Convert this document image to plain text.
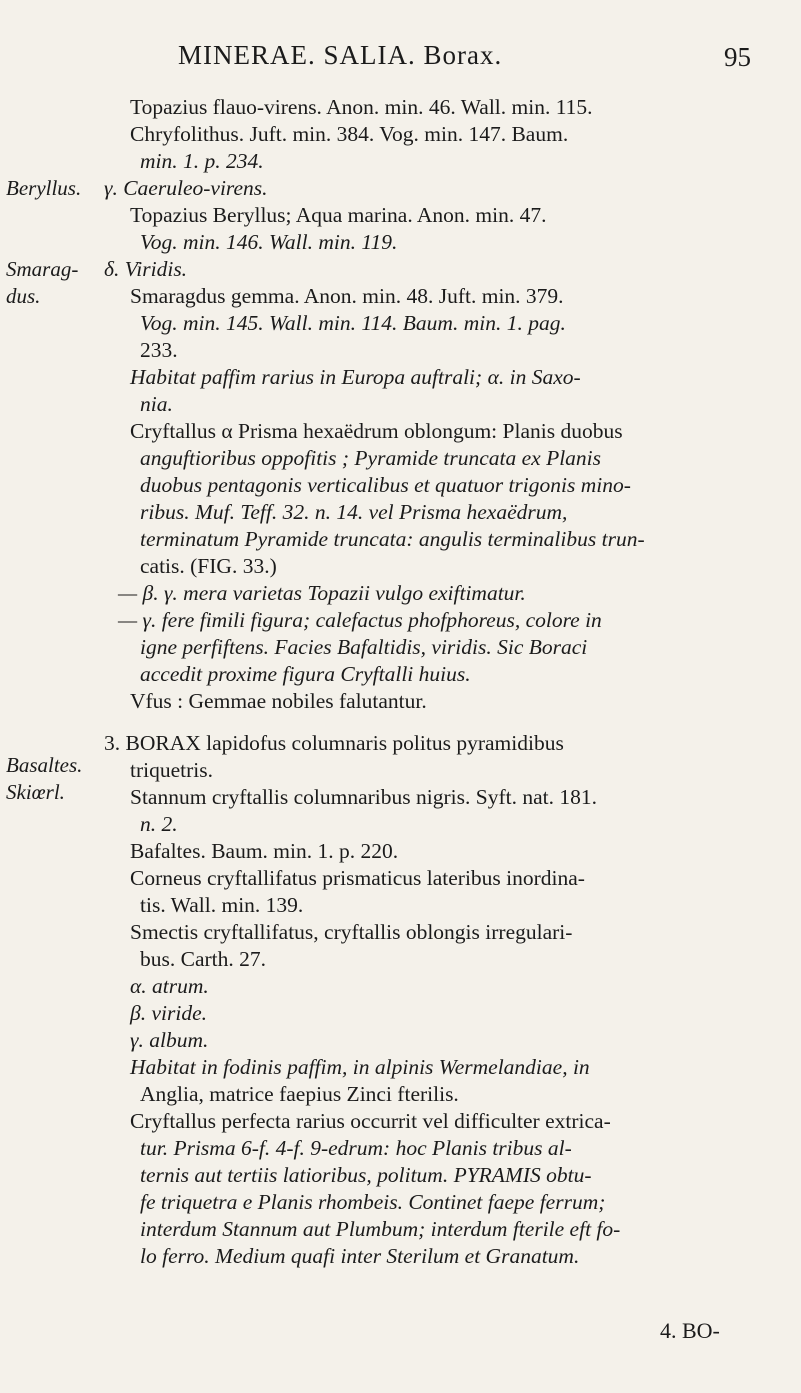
MINERAE. SALIA. Borax.	95
Beryllus.
Smarag-
dus.
Basaltes.
Skiœrl.
Topazius flauo-virens. Anon. min. 46. Wall. min. 115.
Chryfolithus. Juft. min. 384. Vog. min. 147. Baum.
min. 1. p. 234.
γ. Caeruleo-virens.
Topazius Beryllus; Aqua marina. Anon. min. 47.
Vog. min. 146. Wall. min. 119.
δ. Viridis.
Smaragdus gemma. Anon. min. 48. Juft. min. 379.
Vog. min. 145. Wall. min. 114. Baum. min. 1. pag.
233.
Habitat paffim rarius in Europa auftrali; α. in Saxo-
nia.
Cryftallus α Prisma hexaëdrum oblongum: Planis duobus
anguftioribus oppofitis ; Pyramide truncata ex Planis
duobus pentagonis verticalibus et quatuor trigonis mino-
ribus. Muf. Teff. 32. n. 14. vel Prisma hexaëdrum,
terminatum Pyramide truncata: angulis terminalibus trun-
catis. (FIG. 33.)
— β. γ. mera varietas Topazii vulgo exiftimatur.
— γ. fere fimili figura; calefactus phofphoreus, colore in
igne perfiftens. Facies Bafaltidis, viridis. Sic Boraci
accedit proxime figura Cryftalli huius.
Vfus : Gemmae nobiles falutantur.
3. BORAX lapidofus columnaris politus pyramidibus
triquetris.
Stannum cryftallis columnaribus nigris. Syft. nat. 181.
n. 2.
Bafaltes. Baum. min. 1. p. 220.
Corneus cryftallifatus prismaticus lateribus inordina-
tis. Wall. min. 139.
Smectis cryftallifatus, cryftallis oblongis irregulari-
bus. Carth. 27.
α. atrum.
β. viride.
γ. album.
Habitat in fodinis paffim, in alpinis Wermelandiae, in
Anglia, matrice faepius Zinci fterilis.
Cryftallus perfecta rarius occurrit vel difficulter extrica-
tur. Prisma 6-f. 4-f. 9-edrum: hoc Planis tribus al-
ternis aut tertiis latioribus, politum. PYRAMIS obtu-
fe triquetra e Planis rhombeis. Continet faepe ferrum;
interdum Stannum aut Plumbum; interdum fterile eft fo-
lo ferro. Medium quafi inter Sterilum et Granatum.
4. BO-
